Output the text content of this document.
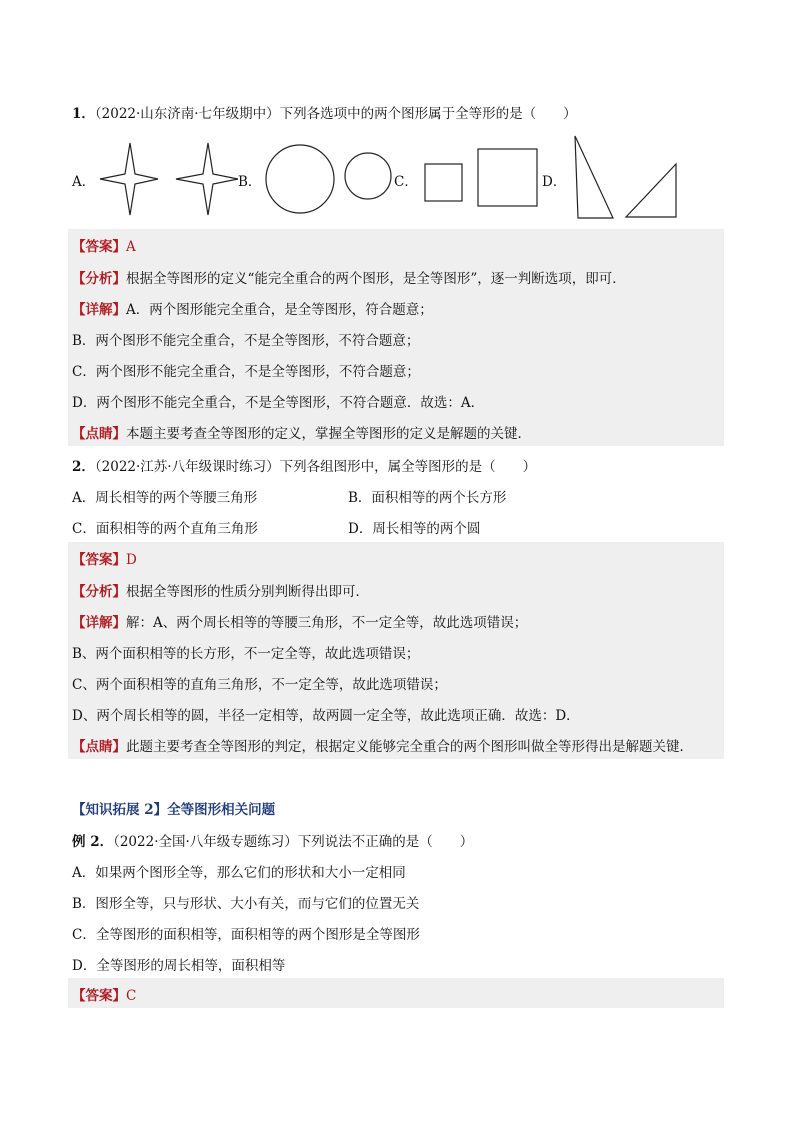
1．（2022·山东济南·七年级期中）下列各选项中的两个图形属于全等形的是（　　）
A．	B．	C．	D．
【答案】A
【分析】根据全等图形的定义“能完全重合的两个图形，是全等图形”，逐一判断选项，即可．
【详解】A．两个图形能完全重合，是全等图形，符合题意；
B．两个图形不能完全重合，不是全等图形，不符合题意；
C．两个图形不能完全重合，不是全等图形，不符合题意；
D．两个图形不能完全重合，不是全等图形，不符合题意．故选：A．
【点睛】本题主要考查全等图形的定义，掌握全等图形的定义是解题的关键．
2．（2022·江苏·八年级课时练习）下列各组图形中，属全等图形的是（　　）
A．周长相等的两个等腰三角形	B．面积相等的两个长方形
C．面积相等的两个直角三角形	D．周长相等的两个圆
【答案】D
【分析】根据全等图形的性质分别判断得出即可．
【详解】解：A、两个周长相等的等腰三角形，不一定全等，故此选项错误；
B、两个面积相等的长方形，不一定全等，故此选项错误；
C、两个面积相等的直角三角形，不一定全等，故此选项错误；
D、两个周长相等的圆，半径一定相等，故两圆一定全等，故此选项正确．故选：D．
【点睛】此题主要考查全等图形的判定，根据定义能够完全重合的两个图形叫做全等形得出是解题关键．
【知识拓展 2】全等图形相关问题
例 2．（2022·全国·八年级专题练习）下列说法不正确的是（　　）
A．如果两个图形全等，那么它们的形状和大小一定相同
B．图形全等，只与形状、大小有关，而与它们的位置无关
C．全等图形的面积相等，面积相等的两个图形是全等图形
D．全等图形的周长相等，面积相等
【答案】C
